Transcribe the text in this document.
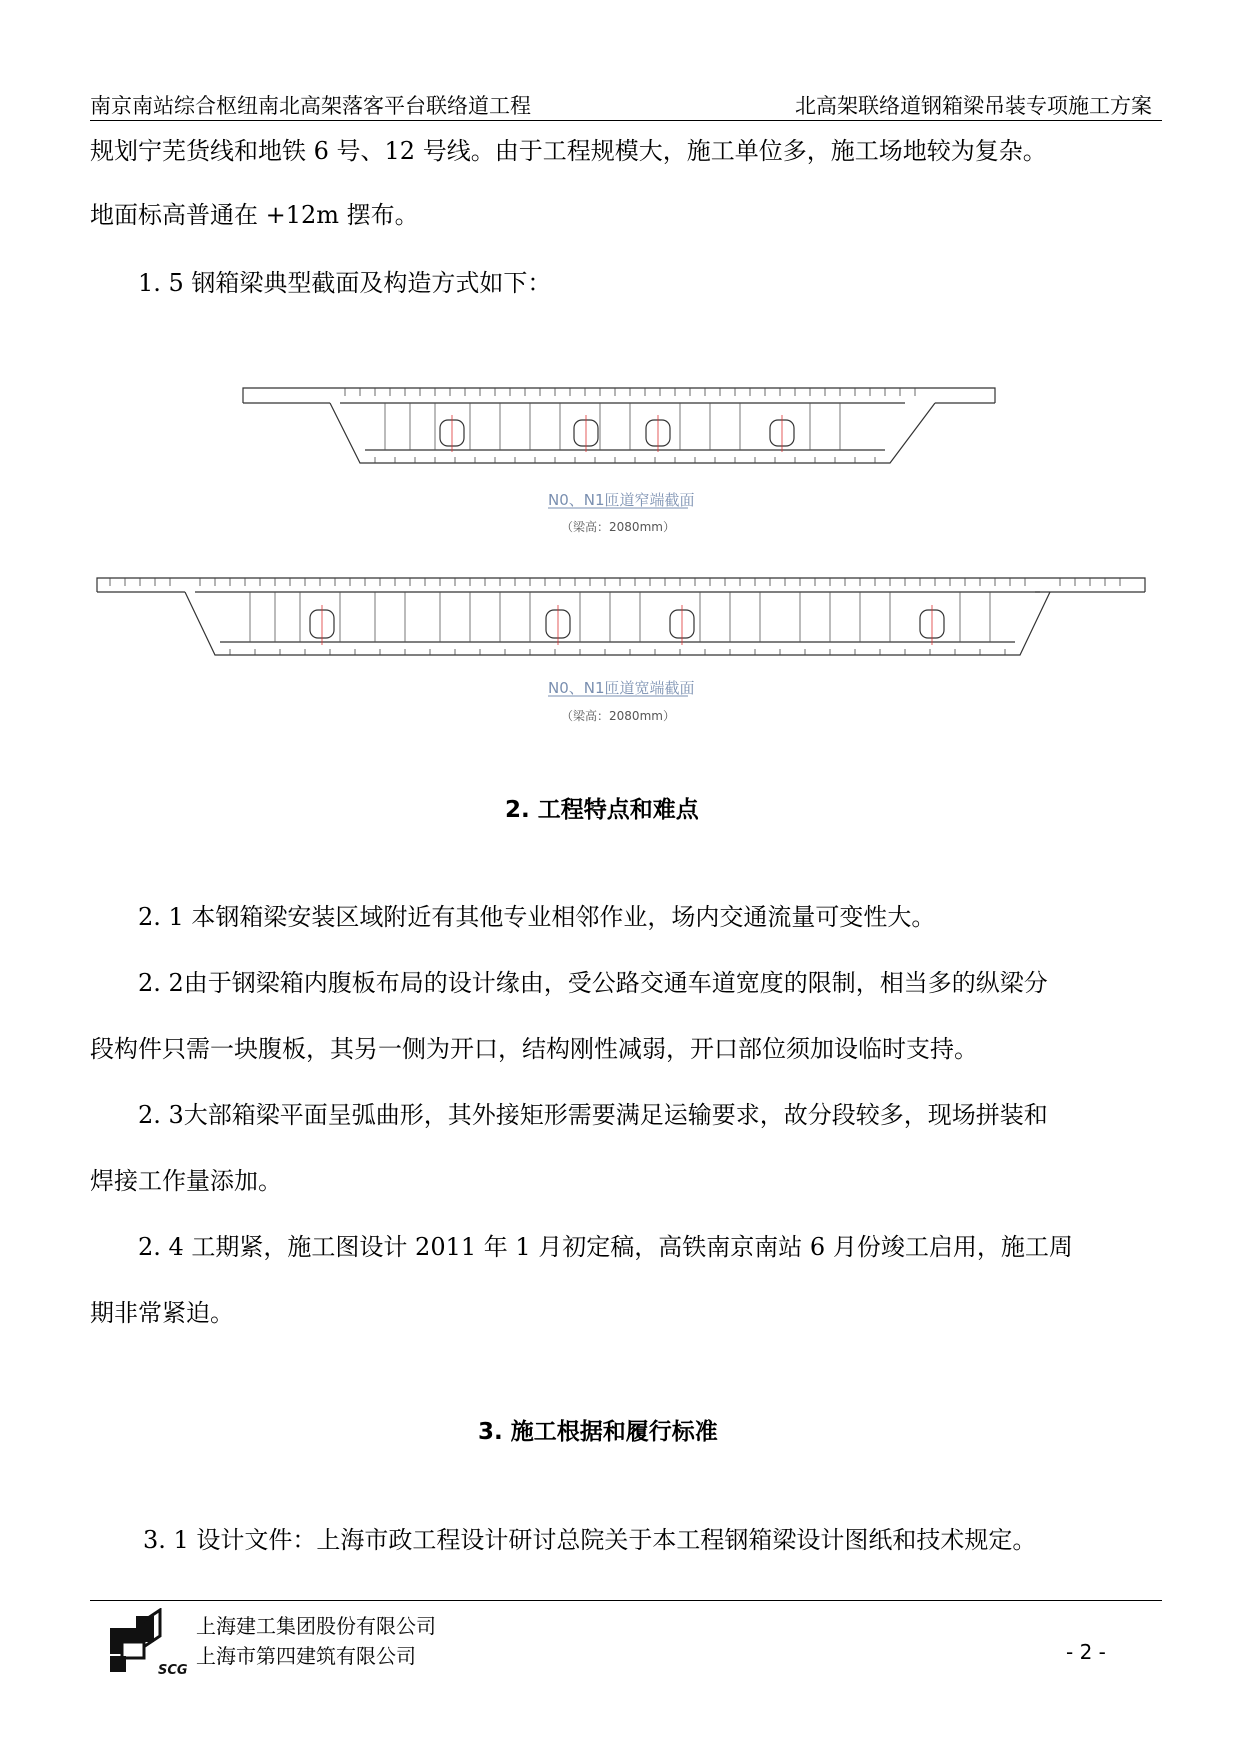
南京南站综合枢纽南北高架落客平台联络道工程	北高架联络道钢箱梁吊装专项施工方案
规划宁芜货线和地铁 6 号、12 号线。由于工程规模大，施工单位多，施工场地较为复杂。
地面标高普通在 +12m 摆布。
1. 5 钢箱梁典型截面及构造方式如下：
N0、N1匝道窄端截面
（梁高：2080mm）
N0、N1匝道宽端截面
（梁高：2080mm）
2. 工程特点和难点
2. 1 本钢箱梁安装区域附近有其他专业相邻作业，场内交通流量可变性大。
2. 2由于钢梁箱内腹板布局的设计缘由，受公路交通车道宽度的限制，相当多的纵梁分
段构件只需一块腹板，其另一侧为开口，结构刚性减弱，开口部位须加设临时支持。
2. 3大部箱梁平面呈弧曲形，其外接矩形需要满足运输要求，故分段较多，现场拼装和
焊接工作量添加。
2. 4 工期紧，施工图设计 2011 年 1 月初定稿，高铁南京南站 6 月份竣工启用，施工周
期非常紧迫。
3. 施工根据和履行标准
3. 1 设计文件：上海市政工程设计研讨总院关于本工程钢箱梁设计图纸和技术规定。
SCG
上海建工集团股份有限公司
上海市第四建筑有限公司	- 2 -
